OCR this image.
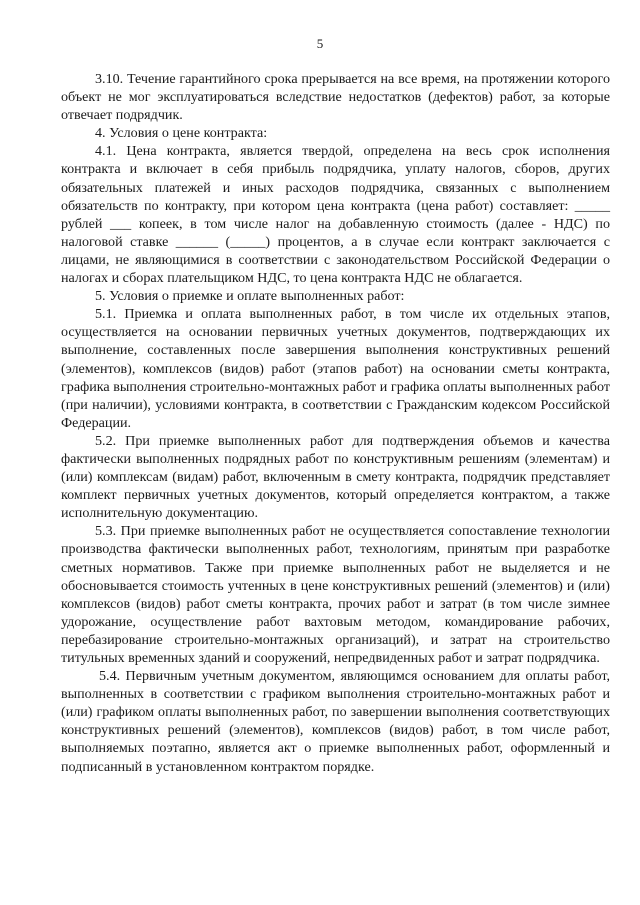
5

3.10. Течение гарантийного срока прерывается на все время, на протяжении которого объект не мог эксплуатироваться вследствие недостатков (дефектов) работ, за которые отвечает подрядчик.

4. Условия о цене контракта:

4.1. Цена контракта, является твердой, определена на весь срок исполнения контракта и включает в себя прибыль подрядчика, уплату налогов, сборов, других обязательных платежей и иных расходов подрядчика, связанных с выполнением обязательств по контракту, при котором цена контракта (цена работ) составляет: _____ рублей ___ копеек, в том числе налог на добавленную стоимость (далее - НДС) по налоговой ставке ______ (_____) процентов, а в случае если контракт заключается с лицами, не являющимися в соответствии с законодательством Российской Федерации о налогах и сборах плательщиком НДС, то цена контракта НДС не облагается.

5. Условия о приемке и оплате выполненных работ:

5.1. Приемка и оплата выполненных работ, в том числе их отдельных этапов, осуществляется на основании первичных учетных документов, подтверждающих их выполнение, составленных после завершения выполнения конструктивных решений (элементов), комплексов (видов) работ (этапов работ) на основании сметы контракта, графика выполнения строительно-монтажных работ и графика оплаты выполненных работ (при наличии), условиями контракта, в соответствии с Гражданским кодексом Российской Федерации.

5.2. При приемке выполненных работ для подтверждения объемов и качества фактически выполненных подрядных работ по конструктивным решениям (элементам) и (или) комплексам (видам) работ, включенным в смету контракта, подрядчик представляет комплект первичных учетных документов, который определяется контрактом, а также исполнительную документацию.

5.3. При приемке выполненных работ не осуществляется сопоставление технологии производства фактически выполненных работ, технологиям, принятым при разработке сметных нормативов. Также при приемке выполненных работ не выделяется и не обосновывается стоимость учтенных в цене конструктивных решений (элементов) и (или) комплексов (видов) работ сметы контракта, прочих работ и затрат (в том числе зимнее удорожание, осуществление работ вахтовым методом, командирование рабочих, перебазирование строительно-монтажных организаций), и затрат на строительство титульных временных зданий и сооружений, непредвиденных работ и затрат подрядчика.

5.4. Первичным учетным документом, являющимся основанием для оплаты работ, выполненных в соответствии с графиком выполнения строительно-монтажных работ и (или) графиком оплаты выполненных работ, по завершении выполнения соответствующих конструктивных решений (элементов), комплексов (видов) работ, в том числе работ, выполняемых поэтапно, является акт о приемке выполненных работ, оформленный и подписанный в установленном контрактом порядке.
